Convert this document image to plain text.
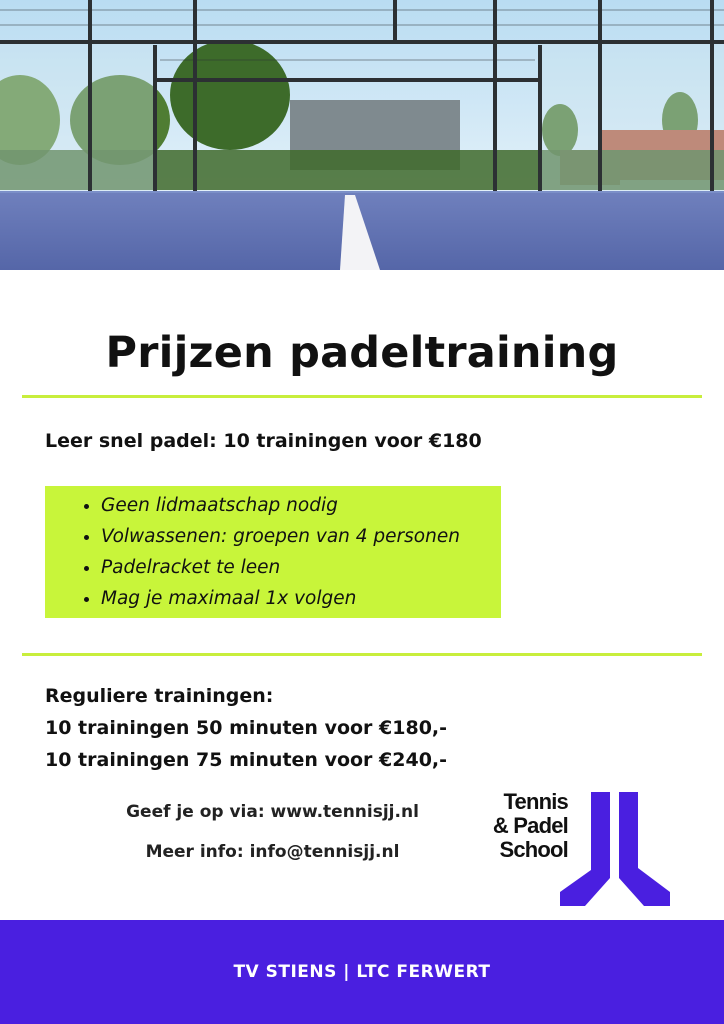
Prijzen padeltraining

Leer snel padel: 10 trainingen voor €180

• Geen lidmaatschap nodig
• Volwassenen: groepen van 4 personen
• Padelracket te leen
• Mag je maximaal 1x volgen
Reguliere trainingen:
10 trainingen 50 minuten voor €180,-
10 trainingen 75 minuten voor €240,-
Geef je op via: www.tennisjj.nl
Meer info: info@tennisjj.nl
Tennis
& Padel
School
TV STIENS | LTC FERWERT
